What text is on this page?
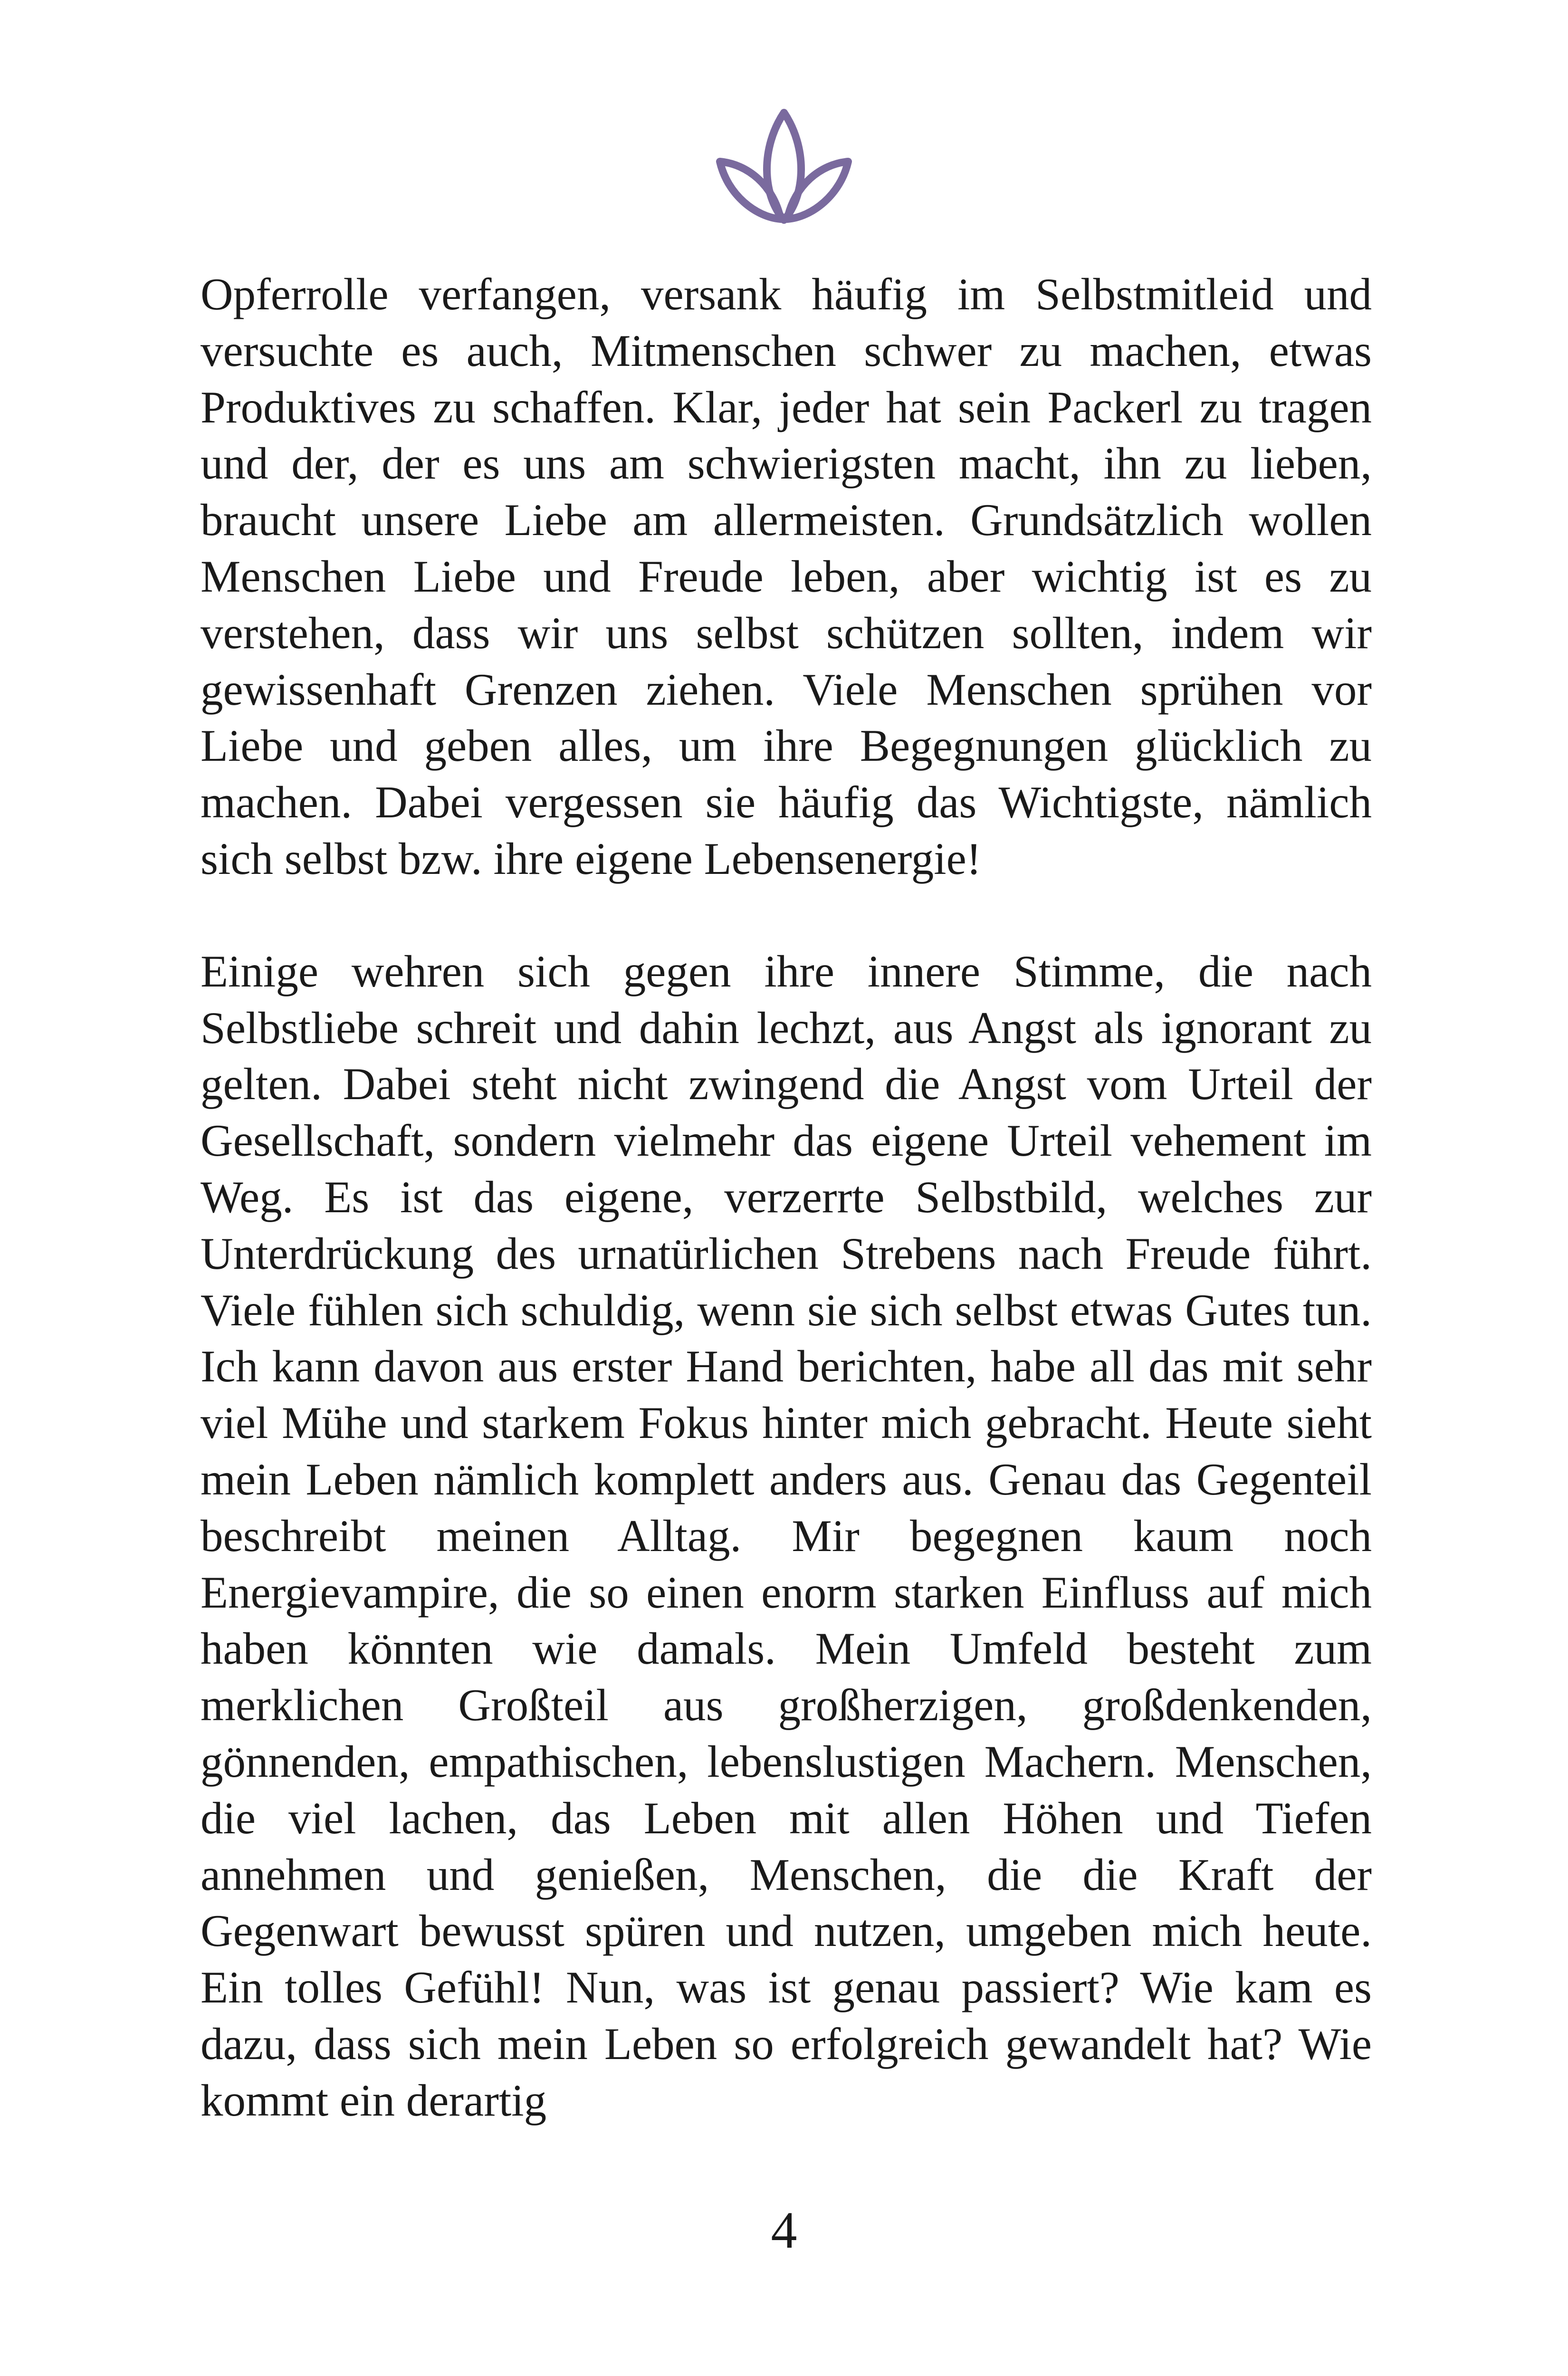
Opferrolle verfangen, versank häufig im Selbstmitleid und versuchte es auch, Mitmenschen schwer zu machen, etwas Produktives zu schaffen. Klar, jeder hat sein Packerl zu tragen und der, der es uns am schwierigsten macht, ihn zu lieben, braucht unsere Liebe am allermeisten. Grundsätzlich wollen Menschen Liebe und Freude leben, aber wichtig ist es zu verstehen, dass wir uns selbst schützen sollten, indem wir gewissenhaft Grenzen ziehen. Viele Menschen sprühen vor Liebe und geben alles, um ihre Begegnungen glücklich zu machen. Dabei vergessen sie häufig das Wichtigste, nämlich sich selbst bzw. ihre eigene Lebensenergie!

Einige wehren sich gegen ihre innere Stimme, die nach Selbstliebe schreit und dahin lechzt, aus Angst als ignorant zu gelten. Dabei steht nicht zwingend die Angst vom Urteil der Gesellschaft, sondern vielmehr das eigene Urteil vehement im Weg. Es ist das eigene, verzerrte Selbstbild, welches zur Unterdrückung des urnatürlichen Strebens nach Freude führt. Viele fühlen sich schuldig, wenn sie sich selbst etwas Gutes tun. Ich kann davon aus erster Hand berichten, habe all das mit sehr viel Mühe und starkem Fokus hinter mich gebracht. Heute sieht mein Leben nämlich komplett anders aus. Genau das Gegenteil beschreibt meinen Alltag. Mir begegnen kaum noch Energievampire, die so einen enorm starken Einfluss auf mich haben könnten wie damals. Mein Umfeld besteht zum merklichen Großteil aus großherzigen, großdenkenden, gönnenden, empathischen, lebenslustigen Machern. Menschen, die viel lachen, das Leben mit allen Höhen und Tiefen annehmen und genießen, Menschen, die die Kraft der Gegenwart bewusst spüren und nutzen, umgeben mich heute. Ein tolles Gefühl! Nun, was ist genau passiert? Wie kam es dazu, dass sich mein Leben so erfolgreich gewandelt hat? Wie kommt ein derartig

4
